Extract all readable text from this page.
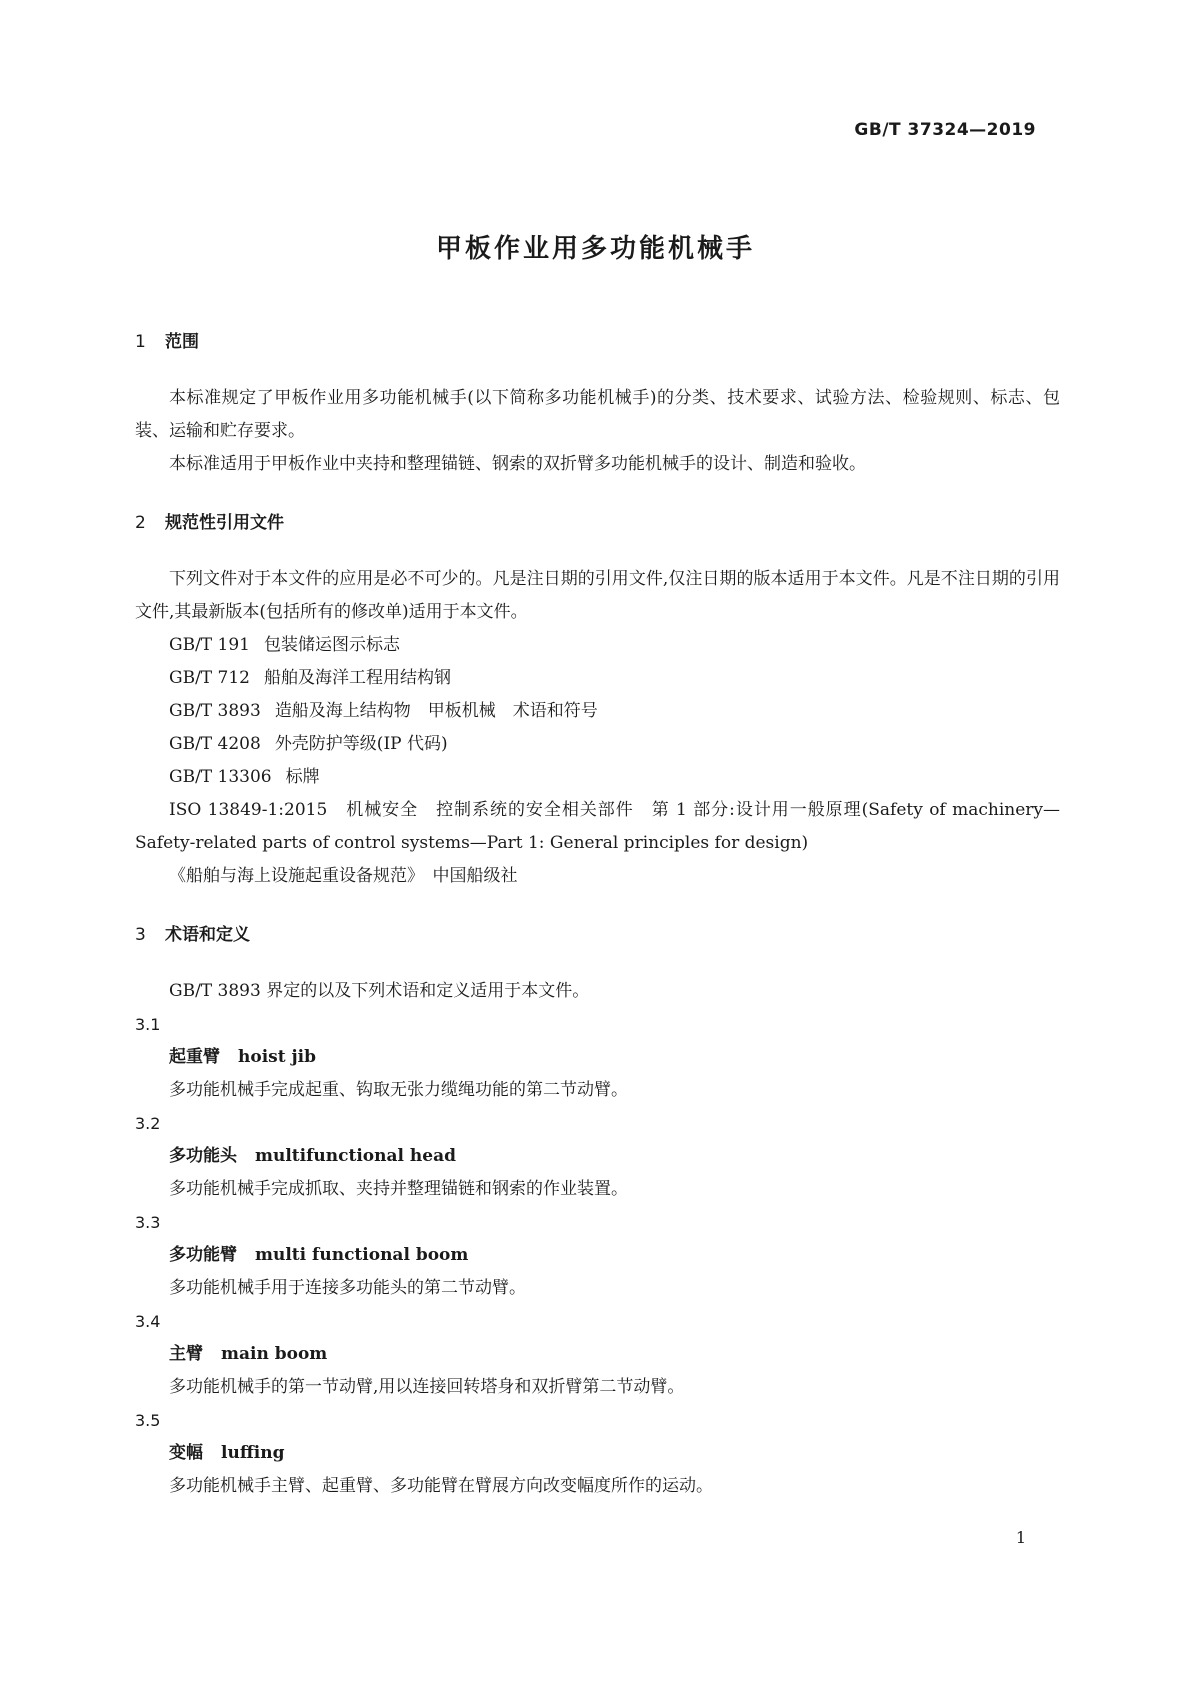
GB/T 37324—2019
甲板作业用多功能机械手
1 范围

本标准规定了甲板作业用多功能机械手(以下简称多功能机械手)的分类、技术要求、试验方法、检验规则、标志、包装、运输和贮存要求。

本标准适用于甲板作业中夹持和整理锚链、钢索的双折臂多功能机械手的设计、制造和验收。

2 规范性引用文件

下列文件对于本文件的应用是必不可少的。凡是注日期的引用文件,仅注日期的版本适用于本文件。凡是不注日期的引用文件,其最新版本(包括所有的修改单)适用于本文件。

GB/T 191 包装储运图示标志

GB/T 712 船舶及海洋工程用结构钢

GB/T 3893 造船及海上结构物　甲板机械　术语和符号

GB/T 4208 外壳防护等级(IP 代码)

GB/T 13306 标牌

ISO 13849-1:2015　机械安全　控制系统的安全相关部件　第 1 部分:设计用一般原理(Safety of machinery—Safety-related parts of control systems—Part 1: General principles for design)

《船舶与海上设施起重设备规范》　中国船级社

3 术语和定义

GB/T 3893 界定的以及下列术语和定义适用于本文件。

3.1

起重臂 hoist jib

多功能机械手完成起重、钩取无张力缆绳功能的第二节动臂。

3.2

多功能头 multifunctional head

多功能机械手完成抓取、夹持并整理锚链和钢索的作业装置。

3.3

多功能臂 multi functional boom

多功能机械手用于连接多功能头的第二节动臂。

3.4

主臂 main boom

多功能机械手的第一节动臂,用以连接回转塔身和双折臂第二节动臂。

3.5

变幅 luffing

多功能机械手主臂、起重臂、多功能臂在臂展方向改变幅度所作的运动。

1
